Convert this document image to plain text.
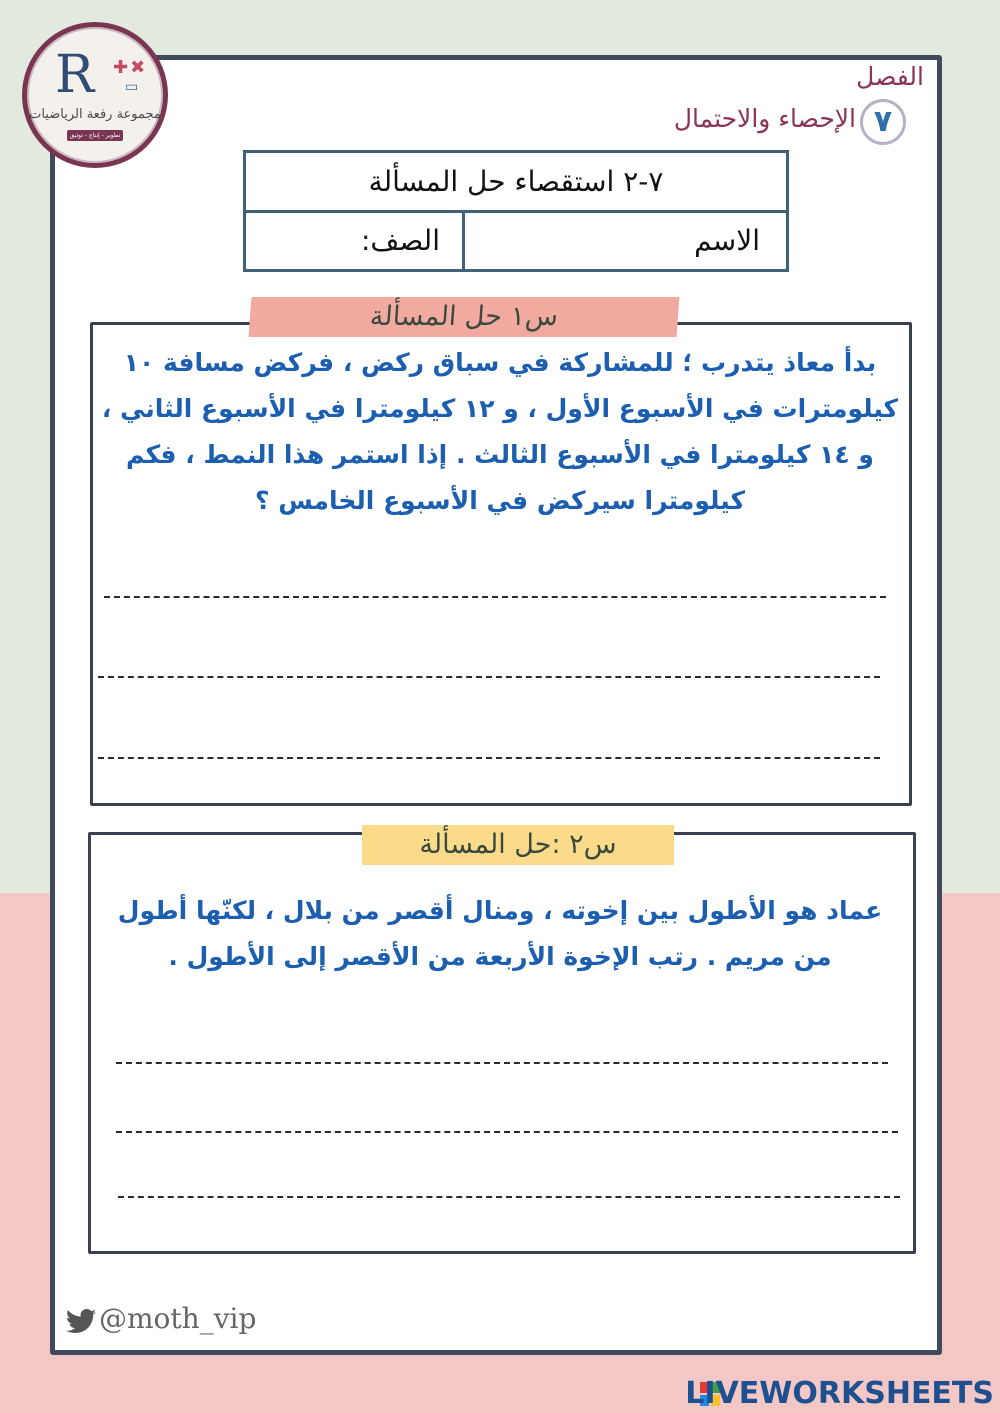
R ✚✖
▭
مجموعة رفعة الرياضيات
تطوير - إنتاج - توثيق
الفصل
٧
الإحصاء والاحتمال
٧-٢ استقصاء حل المسألة
الاسم
الصف:
س١ حل المسألة
بدأ معاذ يتدرب ؛ للمشاركة في سباق ركض ، فركض مسافة ١٠ كيلومترات في الأسبوع الأول ، و ١٢ كيلومترا في الأسبوع الثاني ، و ١٤ كيلومترا في الأسبوع الثالث . إذا استمر هذا النمط ، فكم كيلومترا سيركض في الأسبوع الخامس ؟
س٢ :حل المسألة
عماد هو الأطول بين إخوته ، ومنال أقصر من بلال ، لكنّها أطول من مريم . رتب الإخوة الأربعة من الأقصر إلى الأطول .
@moth_vip
LIVEWORKSHEETS
